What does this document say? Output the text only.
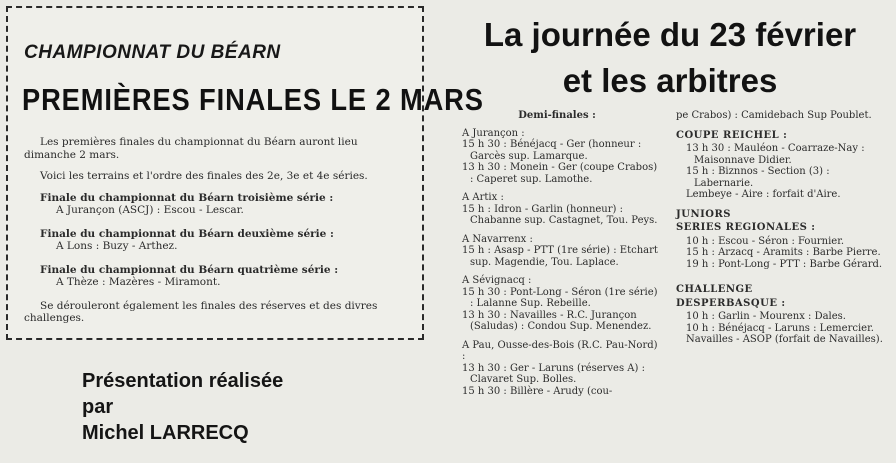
CHAMPIONNAT DU BÉARN
PREMIÈRES FINALES LE 2 MARS

Les premières finales du championnat du Béarn auront lieu dimanche 2 mars.

Voici les terrains et l'ordre des finales des 2e, 3e et 4e séries.

Finale du championnat du Béarn troisième série :

A Jurançon (ASCJ) : Escou - Lescar.

Finale du championnat du Béarn deuxième série :

A Lons : Buzy - Arthez.

Finale du championnat du Béarn quatrième série :

A Thèze : Mazères - Miramont.

Se dérouleront également les finales des réserves et des divres challenges.

Présentation réalisée
par
Michel LARRECQ
La journée du 23 février
et les arbitres
Demi-finales :
A Jurançon :
15 h 30 : Bénéjacq - Ger (honneur : Garcès sup. Lamarque.
13 h 30 : Monein - Ger (coupe Crabos) : Caperet sup. Lamothe.
A Artix :
15 h : Idron - Garlin (honneur) : Chabanne sup. Castagnet, Tou. Peys.
A Navarrenx :
15 h : Asasp - PTT (1re série) : Etchart sup. Magendie, Tou. Laplace.
A Sévignacq :
15 h 30 : Pont-Long - Séron (1re série) : Lalanne Sup. Rebeille.
13 h 30 : Navailles - R.C. Jurançon (Saludas) : Condou Sup. Menendez.
A Pau, Ousse-des-Bois (R.C. Pau-Nord) :
13 h 30 : Ger - Laruns (réserves A) : Clavaret Sup. Bolles.
15 h 30 : Billère - Arudy (cou-
pe Crabos) : Camidebach Sup Poublet.
COUPE REICHEL :
13 h 30 : Mauléon - Coarraze-Nay : Maisonnave Didier.
15 h : Biznnos - Section (3) : Labernarie.
Lembeye - Aire : forfait d'Aire.
JUNIORS
SERIES REGIONALES :
10 h : Escou - Séron : Fournier.
15 h : Arzacq - Aramits : Barbe Pierre.
19 h : Pont-Long - PTT : Barbe Gérard.
CHALLENGE
DESPERBASQUE :
10 h : Garlin - Mourenx : Dales.
10 h : Bénéjacq - Laruns : Lemercier.
Navailles - ASOP (forfait de Navailles).
